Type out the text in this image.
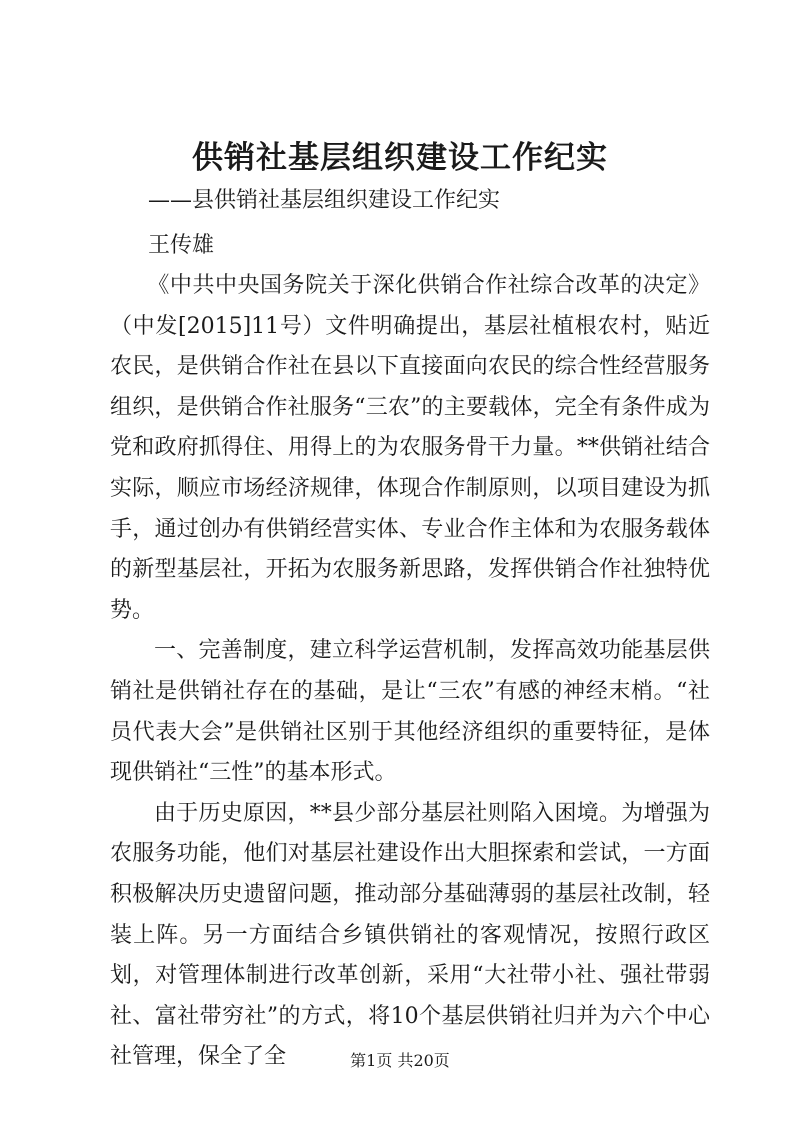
供销社基层组织建设工作纪实

——县供销社基层组织建设工作纪实

王传雄

《中共中央国务院关于深化供销合作社综合改革的决定》（中发[2015]11号）文件明确提出，基层社植根农村，贴近农民，是供销合作社在县以下直接面向农民的综合性经营服务组织，是供销合作社服务“三农”的主要载体，完全有条件成为党和政府抓得住、用得上的为农服务骨干力量。**供销社结合实际，顺应市场经济规律，体现合作制原则，以项目建设为抓手，通过创办有供销经营实体、专业合作主体和为农服务载体的新型基层社，开拓为农服务新思路，发挥供销合作社独特优势。

一、完善制度，建立科学运营机制，发挥高效功能基层供销社是供销社存在的基础，是让“三农”有感的神经末梢。“社员代表大会”是供销社区别于其他经济组织的重要特征，是体现供销社“三性”的基本形式。

由于历史原因，**县少部分基层社则陷入困境。为增强为农服务功能，他们对基层社建设作出大胆探索和尝试，一方面积极解决历史遗留问题，推动部分基础薄弱的基层社改制，轻装上阵。另一方面结合乡镇供销社的客观情况，按照行政区划，对管理体制进行改革创新，采用“大社带小社、强社带弱社、富社带穷社”的方式，将10个基层供销社归并为六个中心社管理，保全了全	第1页 共20页
